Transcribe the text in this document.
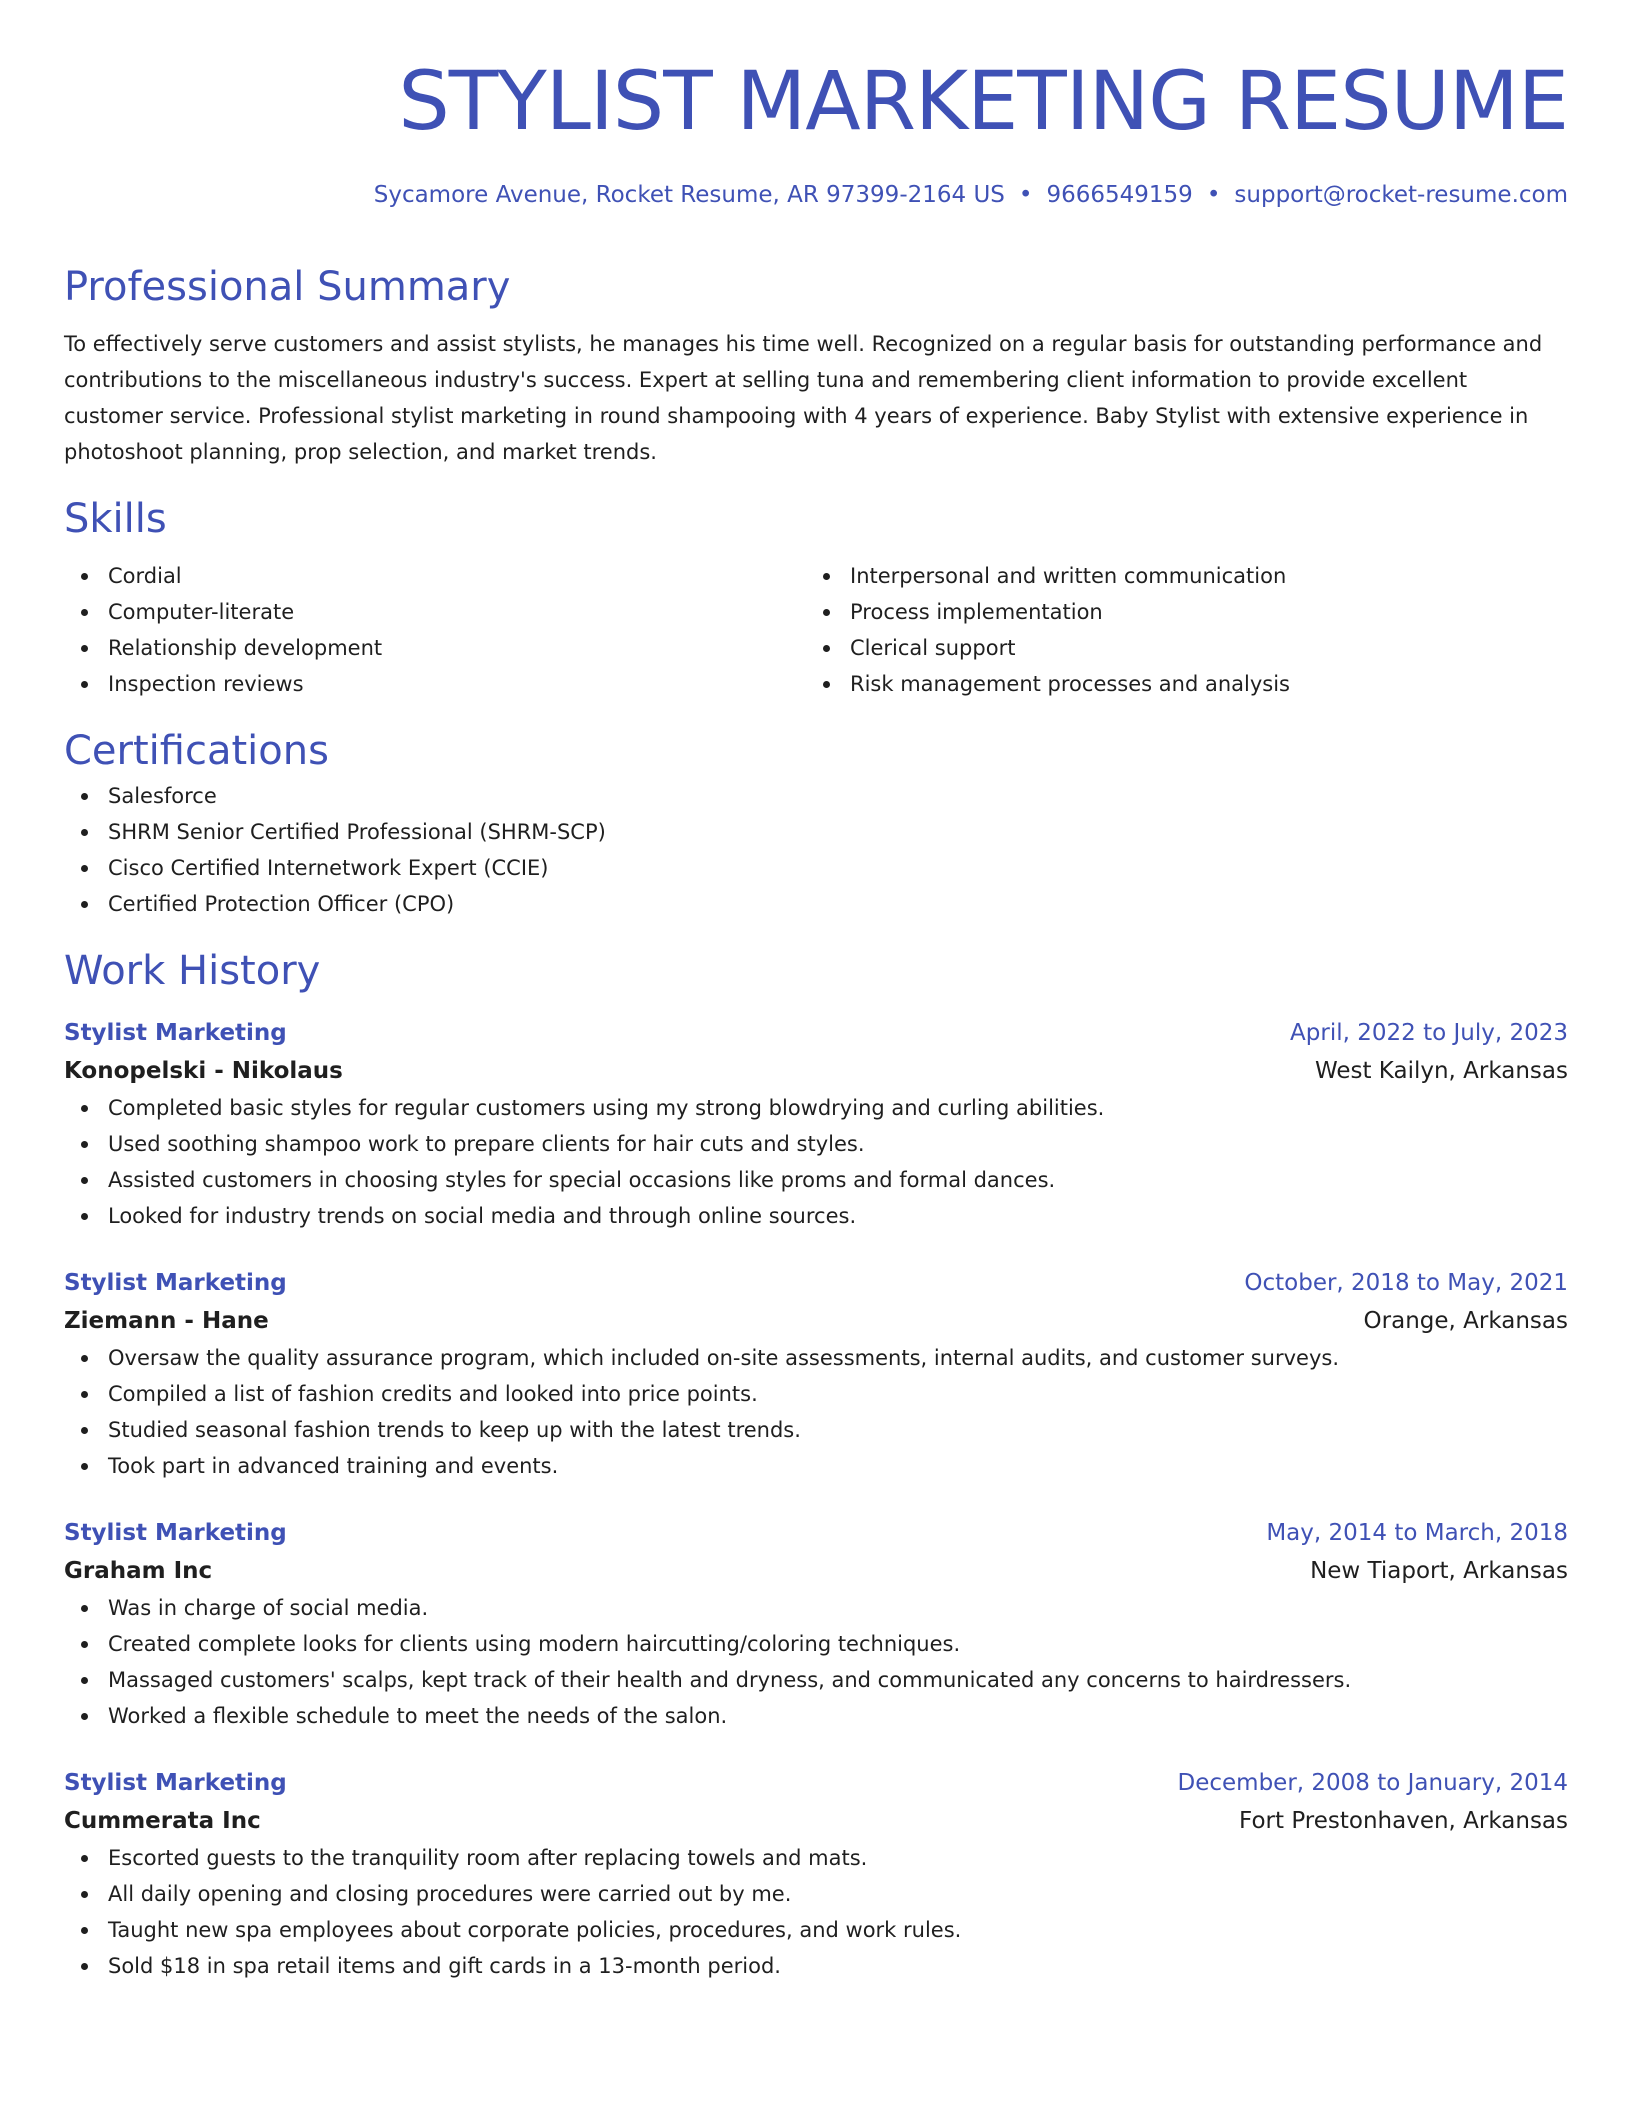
STYLIST MARKETING RESUME
Sycamore Avenue, Rocket Resume, AR 97399-2164 US • 9666549159 • support@rocket-resume.com
Professional Summary

To effectively serve customers and assist stylists, he manages his time well. Recognized on a regular basis for outstanding performance and contributions to the miscellaneous industry's success. Expert at selling tuna and remembering client information to provide excellent customer service. Professional stylist marketing in round shampooing with 4 years of experience. Baby Stylist with extensive experience in photoshoot planning, prop selection, and market trends.

Skills
Cordial
Computer-literate
Relationship development
Inspection reviews
Interpersonal and written communication
Process implementation
Clerical support
Risk management processes and analysis
Certifications
Salesforce
SHRM Senior Certified Professional (SHRM-SCP)
Cisco Certified Internetwork Expert (CCIE)
Certified Protection Officer (CPO)
Work History
Stylist Marketing	April, 2022 to July, 2023
Konopelski - Nikolaus	West Kailyn, Arkansas
Completed basic styles for regular customers using my strong blowdrying and curling abilities.
Used soothing shampoo work to prepare clients for hair cuts and styles.
Assisted customers in choosing styles for special occasions like proms and formal dances.
Looked for industry trends on social media and through online sources.
Stylist Marketing	October, 2018 to May, 2021
Ziemann - Hane	Orange, Arkansas
Oversaw the quality assurance program, which included on-site assessments, internal audits, and customer surveys.
Compiled a list of fashion credits and looked into price points.
Studied seasonal fashion trends to keep up with the latest trends.
Took part in advanced training and events.
Stylist Marketing	May, 2014 to March, 2018
Graham Inc	New Tiaport, Arkansas
Was in charge of social media.
Created complete looks for clients using modern haircutting/coloring techniques.
Massaged customers' scalps, kept track of their health and dryness, and communicated any concerns to hairdressers.
Worked a flexible schedule to meet the needs of the salon.
Stylist Marketing	December, 2008 to January, 2014
Cummerata Inc	Fort Prestonhaven, Arkansas
Escorted guests to the tranquility room after replacing towels and mats.
All daily opening and closing procedures were carried out by me.
Taught new spa employees about corporate policies, procedures, and work rules.
Sold $18 in spa retail items and gift cards in a 13-month period.
